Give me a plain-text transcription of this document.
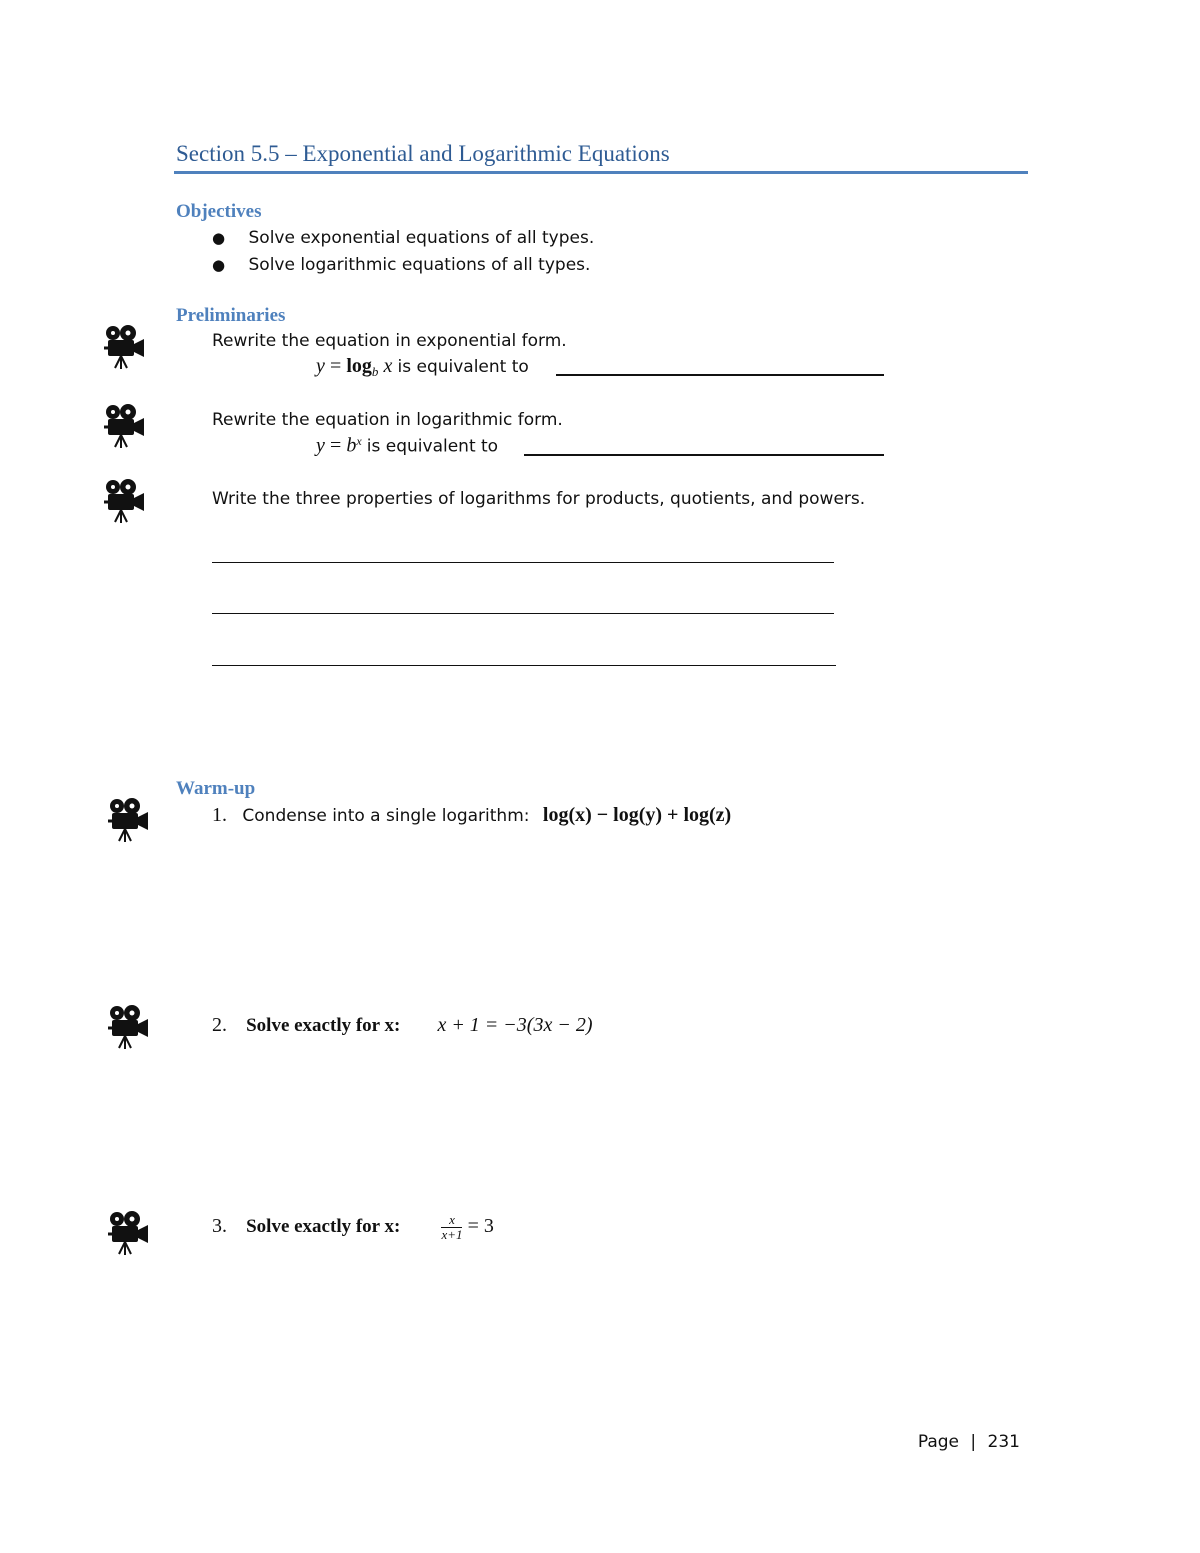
Section 5.5 – Exponential and Logarithmic Equations
Objectives
● Solve exponential equations of all types.
● Solve logarithmic equations of all types.
Preliminaries
Rewrite the equation in exponential form.
$y = \log_b x$ is equivalent to
Rewrite the equation in logarithmic form.
$y = b^x$ is equivalent to
Write the three properties of logarithms for products, quotients, and powers.
Warm-up
1. Condense into a single logarithm: log(x) − log(y) + log(z)
2. Solve exactly for x: x + 1 = −3(3x − 2)
3. Solve exactly for x:	$\frac{x}{x+1} = 3$
Page | 231
